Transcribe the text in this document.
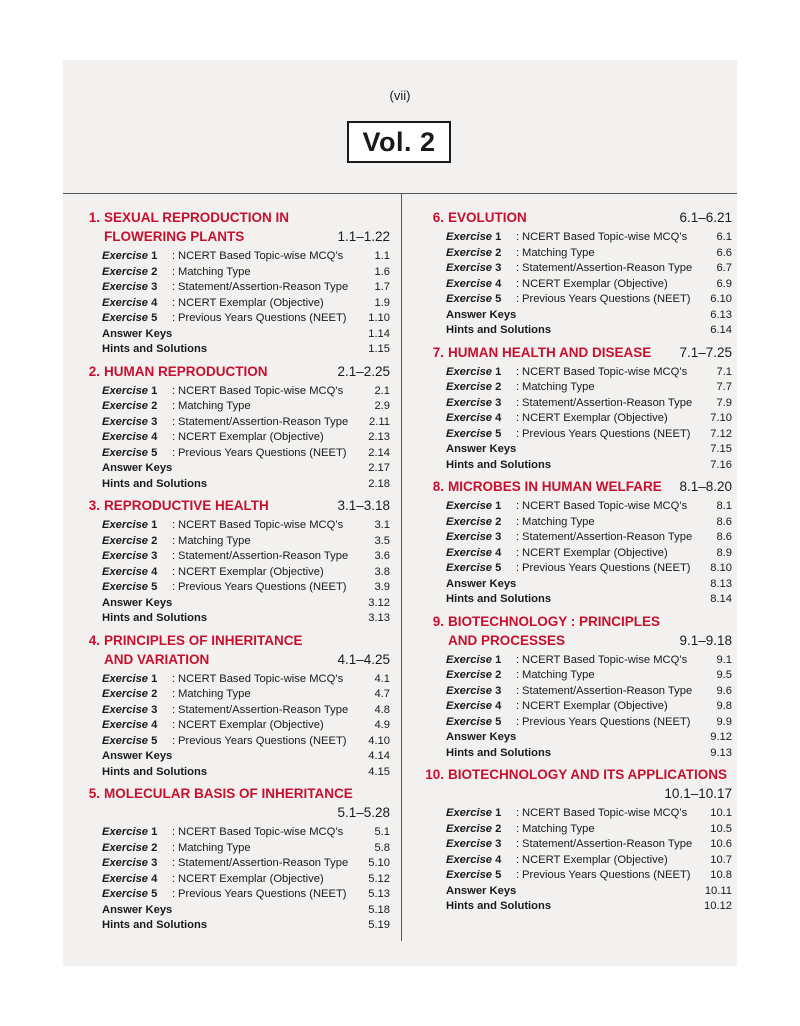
(vii)
Vol. 2
1. SEXUAL REPRODUCTION IN
FLOWERING PLANTS	1.1–1.22
Exercise 1	: NCERT Based Topic-wise MCQ’s	1.1
Exercise 2	: Matching Type	1.6
Exercise 3	: Statement/Assertion-Reason Type	1.7
Exercise 4	: NCERT Exemplar (Objective)	1.9
Exercise 5	: Previous Years Questions (NEET)	1.10
Answer Keys	1.14
Hints and Solutions	1.15
2. HUMAN REPRODUCTION	2.1–2.25
Exercise 1	: NCERT Based Topic-wise MCQ’s	2.1
Exercise 2	: Matching Type	2.9
Exercise 3	: Statement/Assertion-Reason Type	2.11
Exercise 4	: NCERT Exemplar (Objective)	2.13
Exercise 5	: Previous Years Questions (NEET)	2.14
Answer Keys	2.17
Hints and Solutions	2.18
3. REPRODUCTIVE HEALTH	3.1–3.18
Exercise 1	: NCERT Based Topic-wise MCQ’s	3.1
Exercise 2	: Matching Type	3.5
Exercise 3	: Statement/Assertion-Reason Type	3.6
Exercise 4	: NCERT Exemplar (Objective)	3.8
Exercise 5	: Previous Years Questions (NEET)	3.9
Answer Keys	3.12
Hints and Solutions	3.13
4. PRINCIPLES OF INHERITANCE
AND VARIATION	4.1–4.25
Exercise 1	: NCERT Based Topic-wise MCQ’s	4.1
Exercise 2	: Matching Type	4.7
Exercise 3	: Statement/Assertion-Reason Type	4.8
Exercise 4	: NCERT Exemplar (Objective)	4.9
Exercise 5	: Previous Years Questions (NEET)	4.10
Answer Keys	4.14
Hints and Solutions	4.15
5. MOLECULAR BASIS OF INHERITANCE
5.1–5.28
Exercise 1	: NCERT Based Topic-wise MCQ’s	5.1
Exercise 2	: Matching Type	5.8
Exercise 3	: Statement/Assertion-Reason Type	5.10
Exercise 4	: NCERT Exemplar (Objective)	5.12
Exercise 5	: Previous Years Questions (NEET)	5.13
Answer Keys	5.18
Hints and Solutions	5.19
6. EVOLUTION	6.1–6.21
Exercise 1	: NCERT Based Topic-wise MCQ’s	6.1
Exercise 2	: Matching Type	6.6
Exercise 3	: Statement/Assertion-Reason Type	6.7
Exercise 4	: NCERT Exemplar (Objective)	6.9
Exercise 5	: Previous Years Questions (NEET)	6.10
Answer Keys	6.13
Hints and Solutions	6.14
7. HUMAN HEALTH AND DISEASE	7.1–7.25
Exercise 1	: NCERT Based Topic-wise MCQ’s	7.1
Exercise 2	: Matching Type	7.7
Exercise 3	: Statement/Assertion-Reason Type	7.9
Exercise 4	: NCERT Exemplar (Objective)	7.10
Exercise 5	: Previous Years Questions (NEET)	7.12
Answer Keys	7.15
Hints and Solutions	7.16
8. MICROBES IN HUMAN WELFARE	8.1–8.20
Exercise 1	: NCERT Based Topic-wise MCQ’s	8.1
Exercise 2	: Matching Type	8.6
Exercise 3	: Statement/Assertion-Reason Type	8.6
Exercise 4	: NCERT Exemplar (Objective)	8.9
Exercise 5	: Previous Years Questions (NEET)	8.10
Answer Keys	8.13
Hints and Solutions	8.14
9. BIOTECHNOLOGY : PRINCIPLES
AND PROCESSES	9.1–9.18
Exercise 1	: NCERT Based Topic-wise MCQ’s	9.1
Exercise 2	: Matching Type	9.5
Exercise 3	: Statement/Assertion-Reason Type	9.6
Exercise 4	: NCERT Exemplar (Objective)	9.8
Exercise 5	: Previous Years Questions (NEET)	9.9
Answer Keys	9.12
Hints and Solutions	9.13
10. BIOTECHNOLOGY AND ITS APPLICATIONS
10.1–10.17
Exercise 1	: NCERT Based Topic-wise MCQ’s	10.1
Exercise 2	: Matching Type	10.5
Exercise 3	: Statement/Assertion-Reason Type	10.6
Exercise 4	: NCERT Exemplar (Objective)	10.7
Exercise 5	: Previous Years Questions (NEET)	10.8
Answer Keys	10.11
Hints and Solutions	10.12
